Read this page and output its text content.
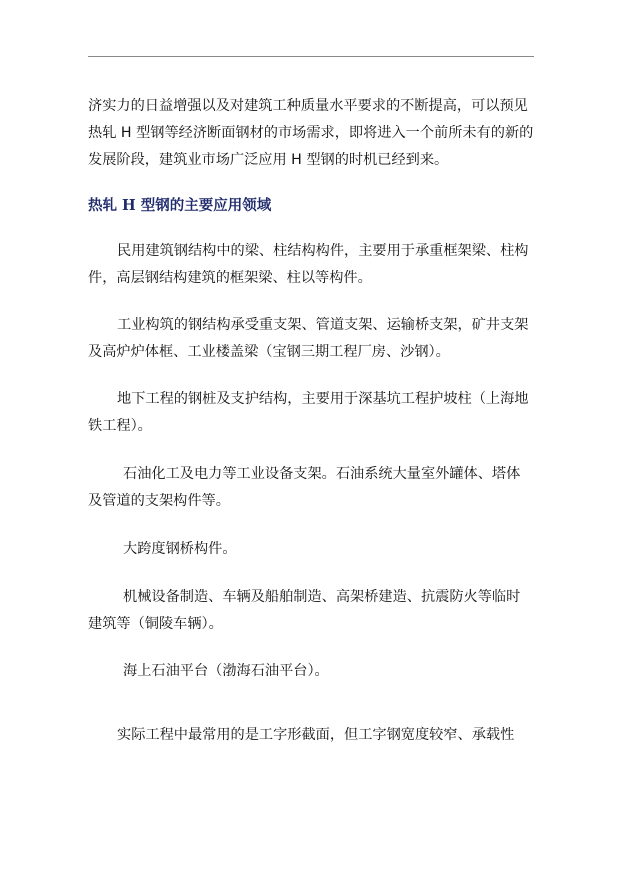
济实力的日益增强以及对建筑工种质量水平要求的不断提高，可以预见热轧 H 型钢等经济断面钢材的市场需求，即将进入一个前所未有的新的发展阶段，建筑业市场广泛应用 H 型钢的时机已经到来。

热轧 H 型钢的主要应用领域

民用建筑钢结构中的梁、柱结构构件，主要用于承重框架梁、柱构件，高层钢结构建筑的框架梁、柱以等构件。

工业构筑的钢结构承受重支架、管道支架、运输桥支架，矿井支架及高炉炉体框、工业楼盖梁（宝钢三期工程厂房、沙钢）。

地下工程的钢桩及支护结构，主要用于深基坑工程护坡柱（上海地铁工程）。

石油化工及电力等工业设备支架。石油系统大量室外罐体、塔体及管道的支架构件等。

大跨度钢桥构件。

机械设备制造、车辆及船舶制造、高架桥建造、抗震防火等临时建筑等（铜陵车辆）。

海上石油平台（渤海石油平台）。

实际工程中最常用的是工字形截面，但工字钢宽度较窄、承载性
